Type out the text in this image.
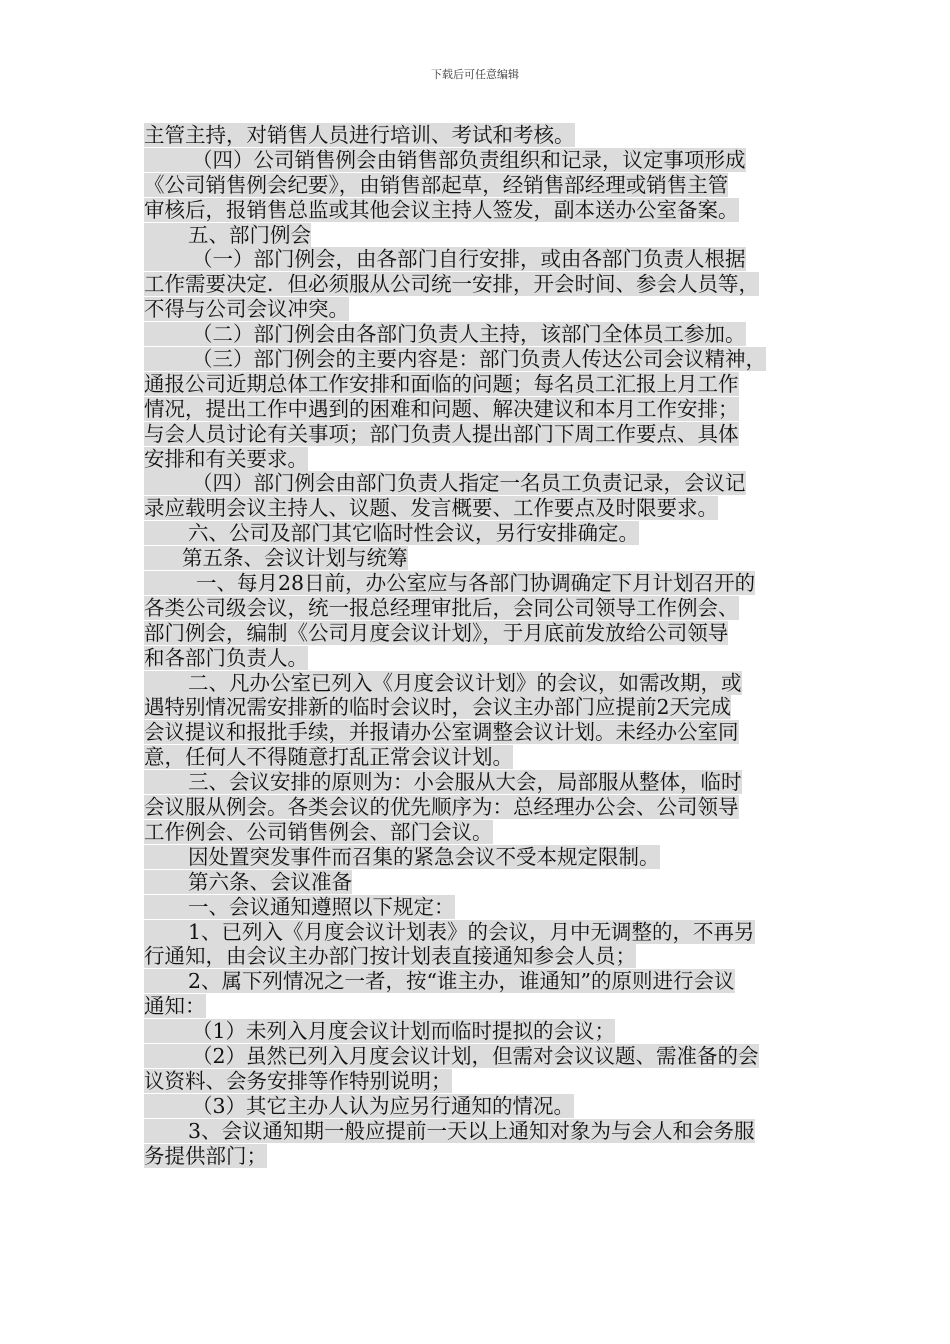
下载后可任意编辑
主管主持，对销售人员进行培训、考试和考核。
（四）公司销售例会由销售部负责组织和记录，议定事项形成
《公司销售例会纪要》，由销售部起草，经销售部经理或销售主管
审核后，报销售总监或其他会议主持人签发，副本送办公室备案。
五、部门例会
（一）部门例会，由各部门自行安排，或由各部门负责人根据
工作需要决定．但必须服从公司统一安排，开会时间、参会人员等，
不得与公司会议冲突。
（二）部门例会由各部门负责人主持，该部门全体员工参加。
（三）部门例会的主要内容是：部门负责人传达公司会议精神，
通报公司近期总体工作安排和面临的问题；每名员工汇报上月工作
情况，提出工作中遇到的困难和问题、解决建议和本月工作安排；
与会人员讨论有关事项；部门负责人提出部门下周工作要点、具体
安排和有关要求。
（四）部门例会由部门负责人指定一名员工负责记录，会议记
录应载明会议主持人、议题、发言概要、工作要点及时限要求。
六、公司及部门其它临时性会议，另行安排确定。
第五条、会议计划与统筹
一、每月28日前，办公室应与各部门协调确定下月计划召开的
各类公司级会议，统一报总经理审批后，会同公司领导工作例会、
部门例会，编制《公司月度会议计划》，于月底前发放给公司领导
和各部门负责人。
二、凡办公室已列入《月度会议计划》的会议，如需改期，或
遇特别情况需安排新的临时会议时，会议主办部门应提前2天完成
会议提议和报批手续，并报请办公室调整会议计划。未经办公室同
意，任何人不得随意打乱正常会议计划。
三、会议安排的原则为：小会服从大会，局部服从整体，临时
会议服从例会。各类会议的优先顺序为：总经理办公会、公司领导
工作例会、公司销售例会、部门会议。
因处置突发事件而召集的紧急会议不受本规定限制。
第六条、会议准备
一、会议通知遵照以下规定：
1、已列入《月度会议计划表》的会议，月中无调整的，不再另
行通知，由会议主办部门按计划表直接通知参会人员；
2、属下列情况之一者，按“谁主办，谁通知”的原则进行会议
通知：
（1）未列入月度会议计划而临时提拟的会议；
（2）虽然已列入月度会议计划，但需对会议议题、需准备的会
议资料、会务安排等作特别说明；
（3）其它主办人认为应另行通知的情况。
3、会议通知期一般应提前一天以上通知对象为与会人和会务服
务提供部门；
